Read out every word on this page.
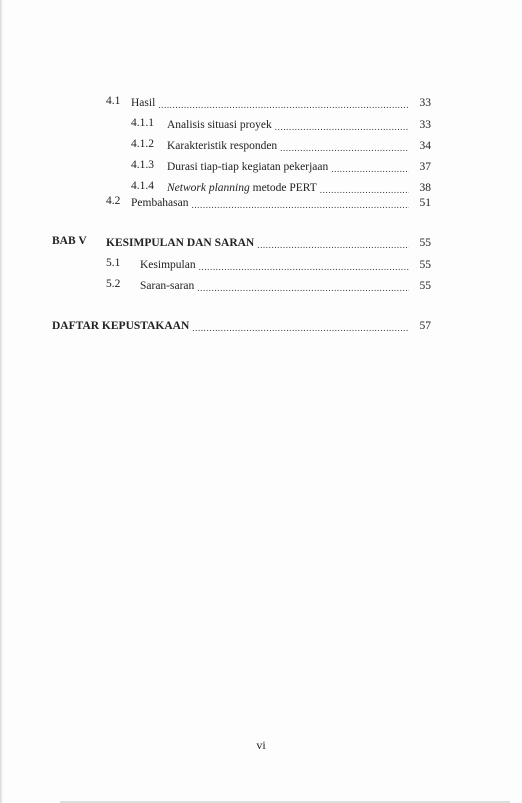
4.1 Hasil .....	33
4.1.1 Analisis situasi proyek .....	33
4.1.2 Karakteristik responden .....	34
4.1.3 Durasi tiap-tiap kegiatan pekerjaan .....	37
4.1.4 Network planning metode PERT .....	38
4.2 Pembahasan .....	51
BAB V KESIMPULAN DAN SARAN .....	55
5.1 Kesimpulan .....	55
5.2 Saran-saran .....	55
DAFTAR KEPUSTAKAAN .....	57
vi
